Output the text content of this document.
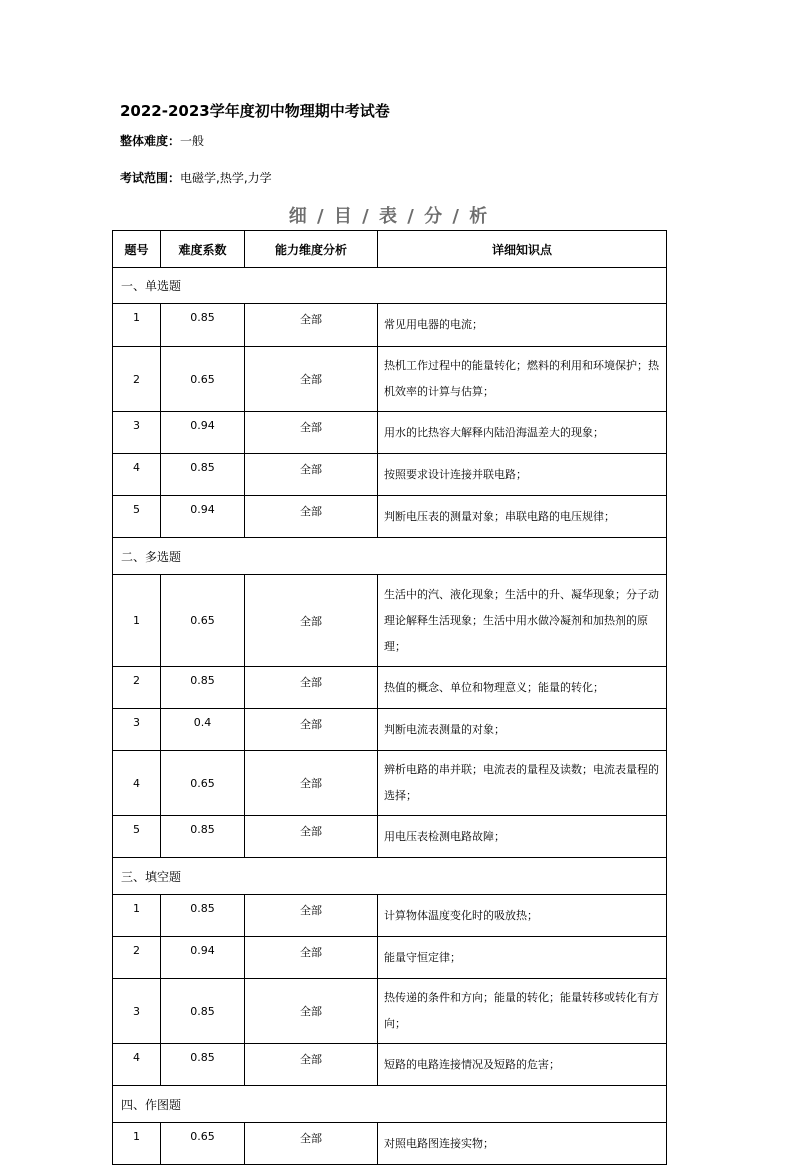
2022-2023学年度初中物理期中考试卷
整体难度：一般
考试范围：电磁学,热学,力学
细 / 目 / 表 / 分 / 析
题号	难度系数	能力维度分析	详细知识点
一、单选题			
1	0.85	全部	常见用电器的电流；
2	0.65	全部	热机工作过程中的能量转化；燃料的利用和环境保护；热机效率的计算与估算；
3	0.94	全部	用水的比热容大解释内陆沿海温差大的现象；
4	0.85	全部	按照要求设计连接并联电路；
5	0.94	全部	判断电压表的测量对象；串联电路的电压规律；
二、多选题			
1	0.65	全部	生活中的汽、液化现象；生活中的升、凝华现象；分子动理论解释生活现象；生活中用水做冷凝剂和加热剂的原理；
2	0.85	全部	热值的概念、单位和物理意义；能量的转化；
3	0.4	全部	判断电流表测量的对象；
4	0.65	全部	辨析电路的串并联；电流表的量程及读数；电流表量程的选择；
5	0.85	全部	用电压表检测电路故障；
三、填空题			
1	0.85	全部	计算物体温度变化时的吸放热；
2	0.94	全部	能量守恒定律；
3	0.85	全部	热传递的条件和方向；能量的转化；能量转移或转化有方向；
4	0.85	全部	短路的电路连接情况及短路的危害；
四、作图题			
1	0.65	全部	对照电路图连接实物；
